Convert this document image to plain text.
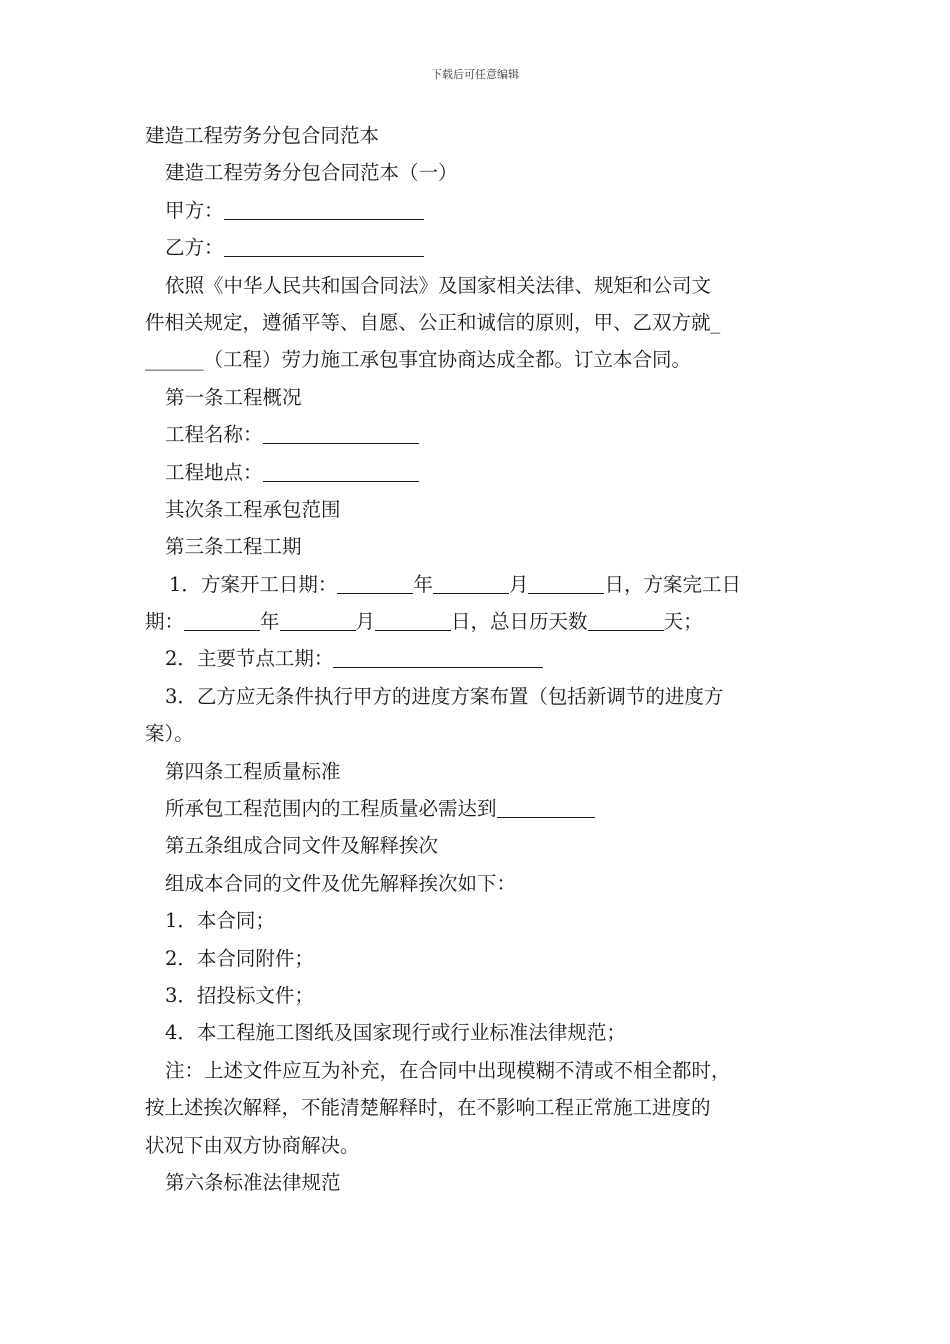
下载后可任意编辑
建造工程劳务分包合同范本
建造工程劳务分包合同范本（一）
甲方：
乙方：
依照《中华人民共和国合同法》及国家相关法律、规矩和公司文
件相关规定，遵循平等、自愿、公正和诚信的原则，甲、乙双方就_
______（工程）劳力施工承包事宜协商达成全都。订立本合同。
第一条工程概况
工程名称：
工程地点：
其次条工程承包范围
第三条工程工期
1．方案开工日期：	年	月	日，方案完工日
期：	年	月	日，总日历天数	天；
2．主要节点工期：
3．乙方应无条件执行甲方的进度方案布置（包括新调节的进度方
案）。
第四条工程质量标准
所承包工程范围内的工程质量必需达到
第五条组成合同文件及解释挨次
组成本合同的文件及优先解释挨次如下：
1．本合同；
2．本合同附件；
3．招投标文件；
4．本工程施工图纸及国家现行或行业标准法律规范；
注：上述文件应互为补充，在合同中出现模糊不清或不相全都时，
按上述挨次解释，不能清楚解释时，在不影响工程正常施工进度的
状况下由双方协商解决。
第六条标准法律规范
